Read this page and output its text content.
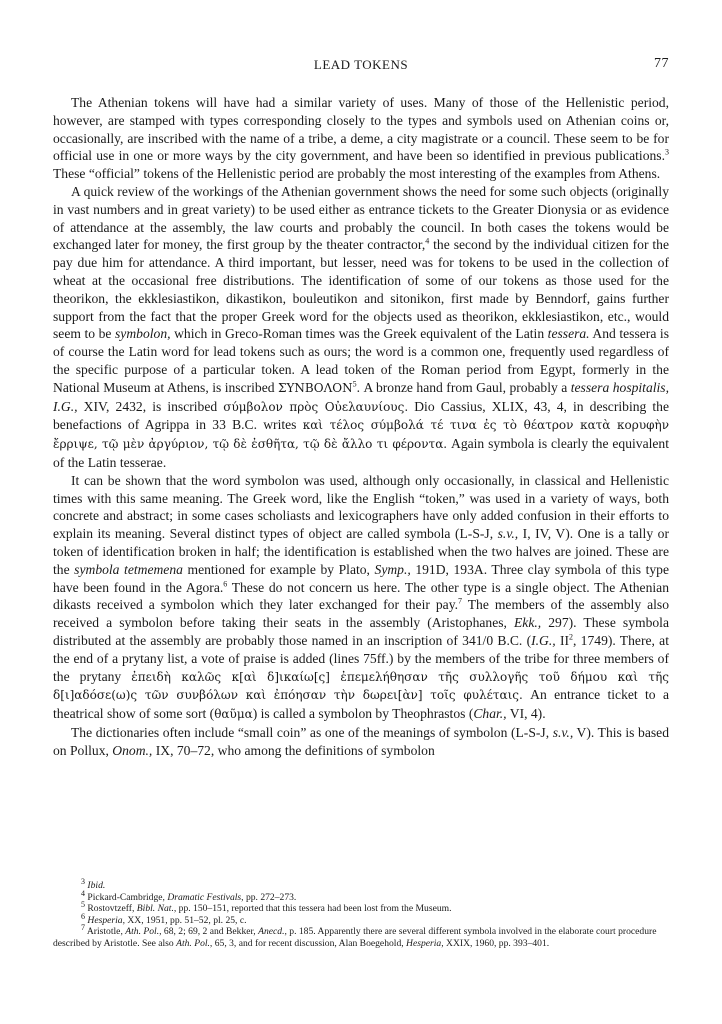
LEAD TOKENS	77

The Athenian tokens will have had a similar variety of uses. Many of those of the Hellenistic period, however, are stamped with types corresponding closely to the types and symbols used on Athenian coins or, occasionally, are inscribed with the name of a tribe, a deme, a city magistrate or a council. These seem to be for official use in one or more ways by the city government, and have been so identified in previous publications.$^3$ These “official” tokens of the Hellenistic period are probably the most interesting of the examples from Athens.

A quick review of the workings of the Athenian government shows the need for some such objects (originally in vast numbers and in great variety) to be used either as entrance tickets to the Greater Dionysia or as evidence of attendance at the assembly, the law courts and probably the council. In both cases the tokens would be exchanged later for money, the first group by the theater contractor,$^4$ the second by the individual citizen for the pay due him for attendance. A third important, but lesser, need was for tokens to be used in the collection of wheat at the occasional free distributions. The identification of some of our tokens as those used for the theorikon, the ekklesiastikon, dikastikon, bouleutikon and sitonikon, first made by Benndorf, gains further support from the fact that the proper Greek word for the objects used as theorikon, ekklesiastikon, etc., would seem to be symbolon, which in Greco-Roman times was the Greek equivalent of the Latin tessera. And tessera is of course the Latin word for lead tokens such as ours; the word is a common one, frequently used regardless of the specific purpose of a particular token. A lead token of the Roman period from Egypt, formerly in the National Museum at Athens, is inscribed ΣΥΝΒΟΛΟΝ$^5$. A bronze hand from Gaul, probably a tessera hospitalis, I.G., XIV, 2432, is inscribed σύμβολον πρὸς Οὐελαυνίους. Dio Cassius, XLIX, 43, 4, in describing the benefactions of Agrippa in 33 B.C. writes καὶ τέλος σύμβολά τέ τινα ἐς τὸ θέατρον κατὰ κορυφὴν ἔρριψε, τῷ μὲν ἀργύριον, τῷ δὲ ἐσθῆτα, τῷ δὲ ἄλλο τι φέροντα. Again symbola is clearly the equivalent of the Latin tesserae.

It can be shown that the word symbolon was used, although only occasionally, in classical and Hellenistic times with this same meaning. The Greek word, like the English “token,” was used in a variety of ways, both concrete and abstract; in some cases scholiasts and lexicographers have only added confusion in their efforts to explain its meaning. Several distinct types of object are called symbola (L-S-J, s.v., I, IV, V). One is a tally or token of identification broken in half; the identification is established when the two halves are joined. These are the symbola tetmemena mentioned for example by Plato, Symp., 191D, 193A. Three clay symbola of this type have been found in the Agora.$^6$ These do not concern us here. The other type is a single object. The Athenian dikasts received a symbolon which they later exchanged for their pay.$^7$ The members of the assembly also received a symbolon before taking their seats in the assembly (Aristophanes, Ekk., 297). These symbola distributed at the assembly are probably those named in an inscription of 341/0 B.C. (I.G., $II^2$, 1749). There, at the end of a prytany list, a vote of praise is added (lines 75ff.) by the members of the tribe for three members of the prytany ἐπειδὴ καλῶς κ[αὶ δ]ικαίω[ς] ἐπεμελήθησαν τῆς συλλογῆς τοῦ δήμου καὶ τῆς δ[ι]αδόσε(ω)ς τῶν συνβόλων καὶ ἐπόησαν τὴν δωρει[ὰν] τοῖς φυλέταις. An entrance ticket to a theatrical show of some sort (θαῦμα) is called a symbolon by Theophrastos (Char., VI, 4).

The dictionaries often include “small coin” as one of the meanings of symbolon (L-S-J, s.v., V). This is based on Pollux, Onom., IX, 70–72, who among the definitions of symbolon

$^3$ Ibid.

$^4$ Pickard-Cambridge, Dramatic Festivals, pp. 272–273.

$^5$ Rostovtzeff, Bibl. Nat., pp. 150–151, reported that this tessera had been lost from the Museum.

$^6$ Hesperia, XX, 1951, pp. 51–52, pl. 25, c.

$^7$ Aristotle, Ath. Pol., 68, 2; 69, 2 and Bekker, Anecd., p. 185. Apparently there are several different symbola involved in the elaborate court procedure described by Aristotle. See also Ath. Pol., 65, 3, and for recent discussion, Alan Boegehold, Hesperia, XXIX, 1960, pp. 393–401.
